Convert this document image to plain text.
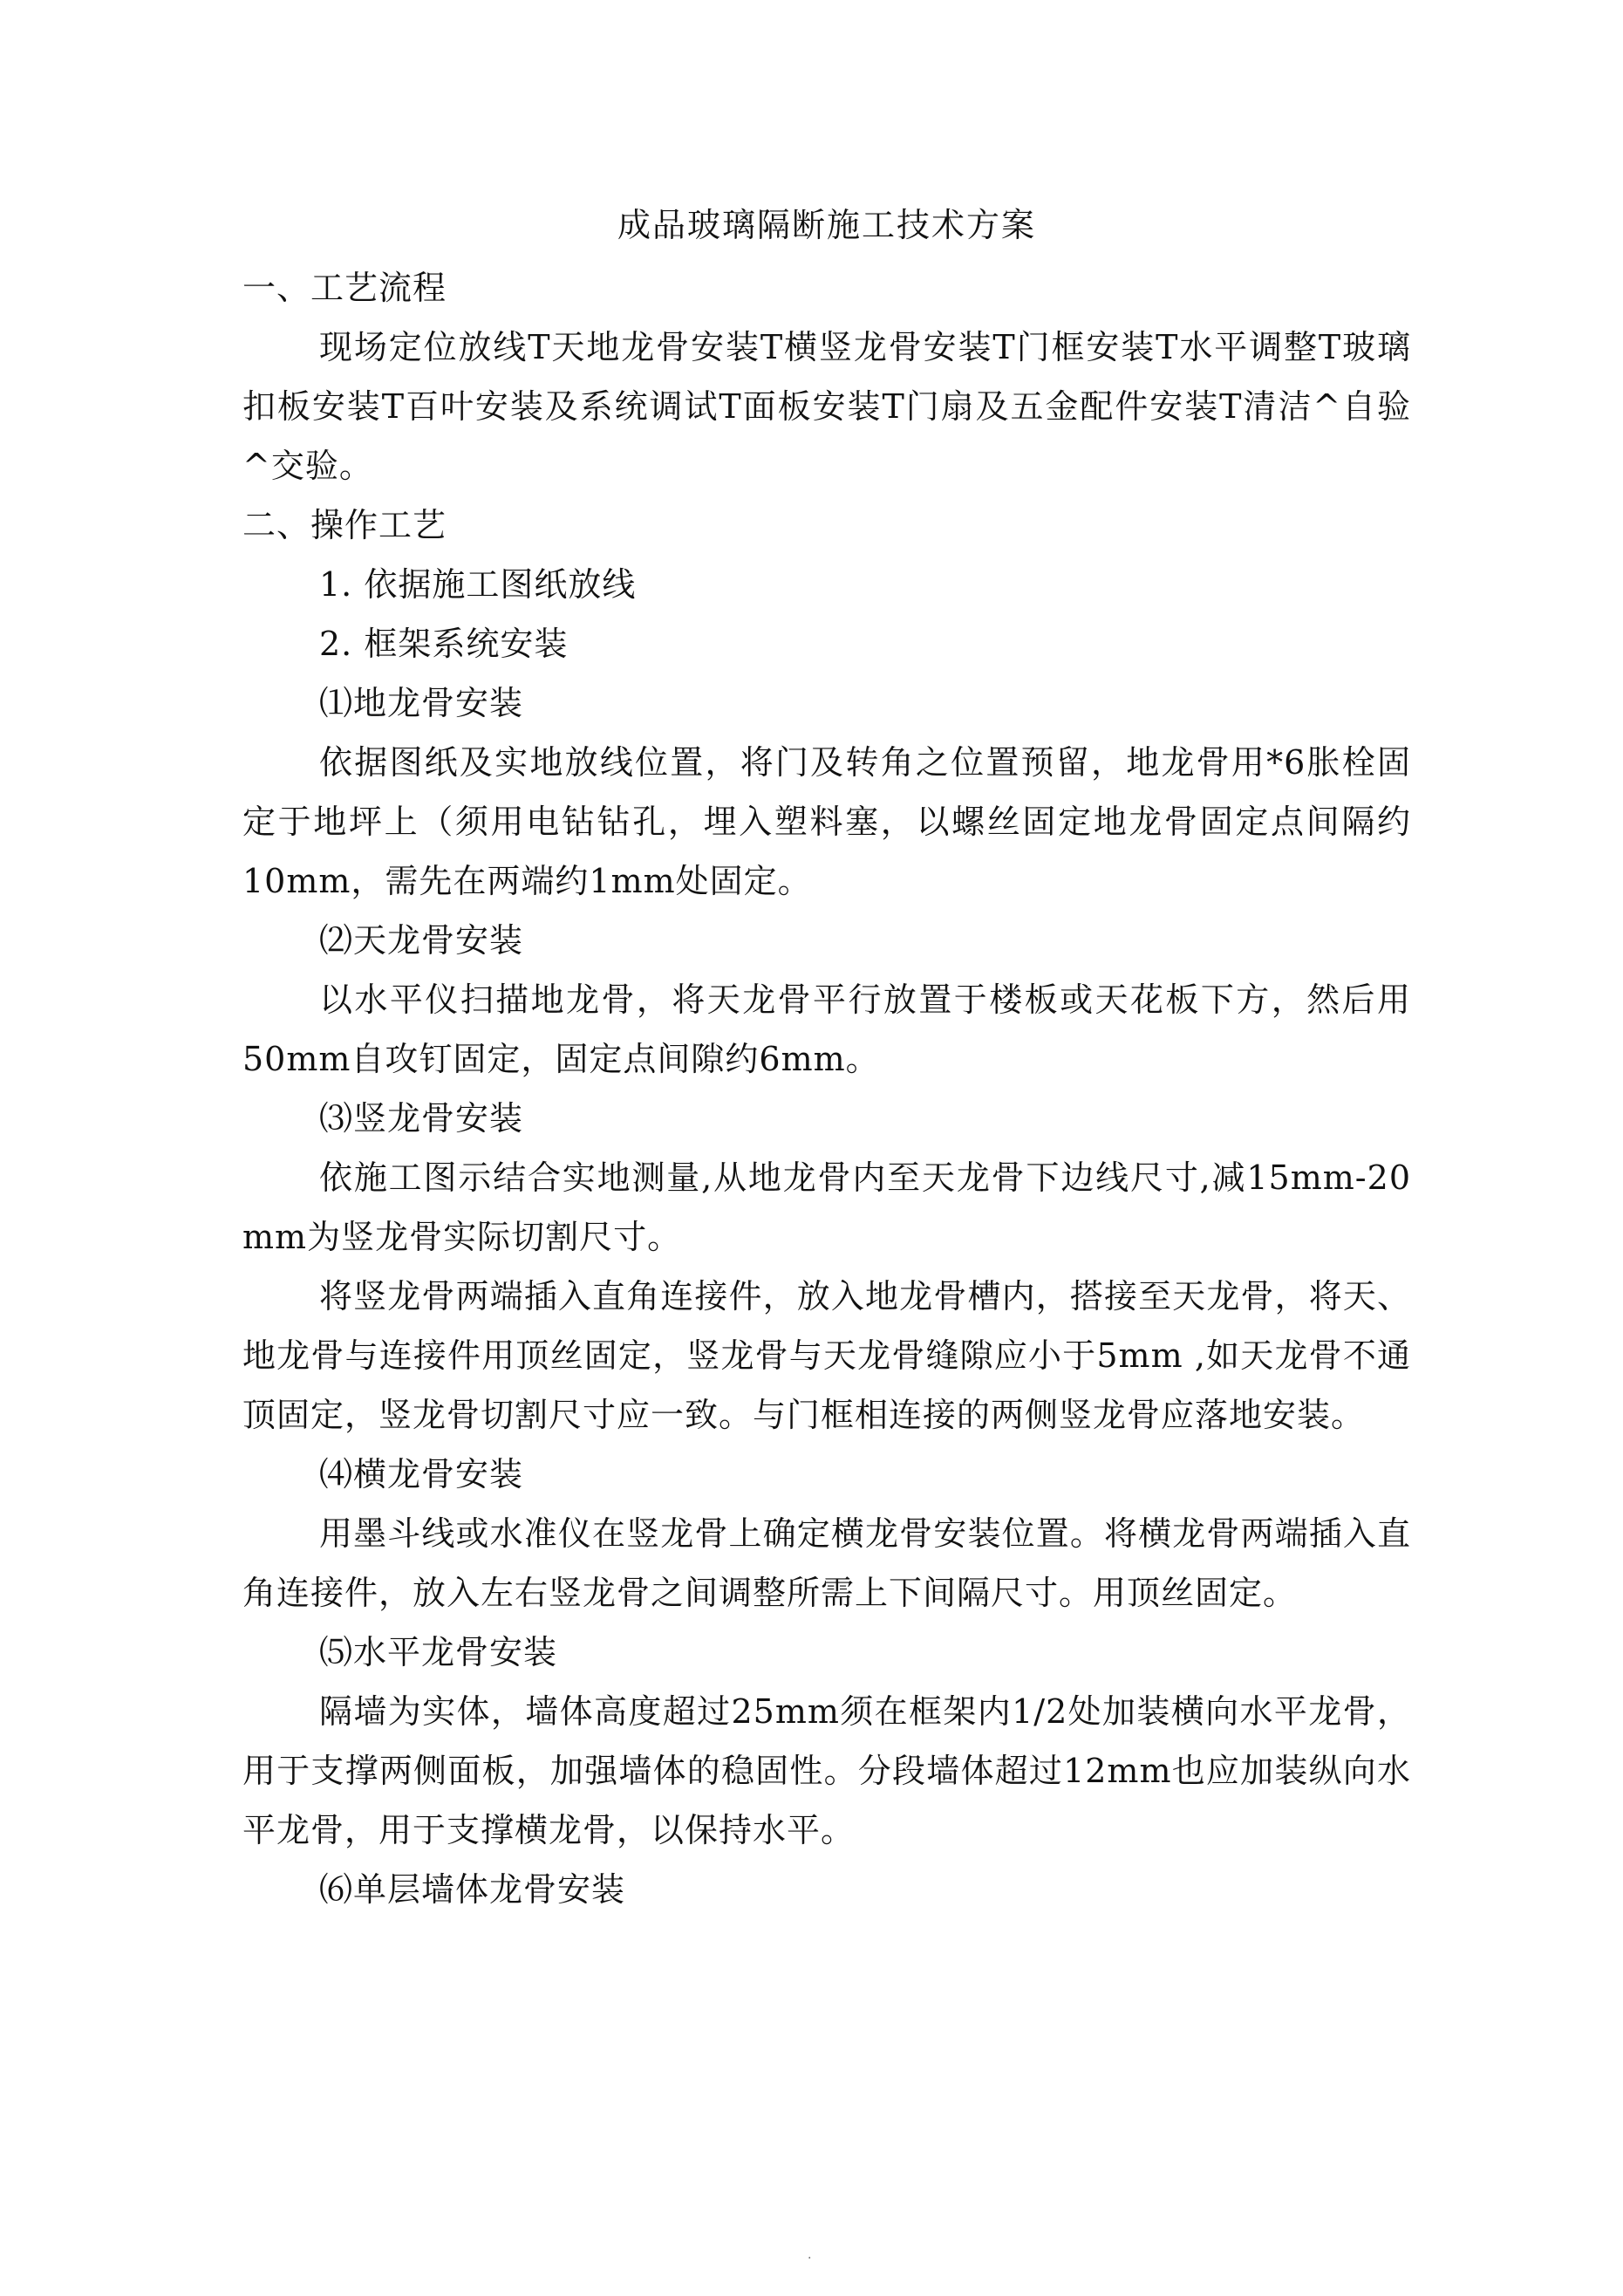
成品玻璃隔断施工技术方案

一、工艺流程

现场定位放线T天地龙骨安装T横竖龙骨安装T门框安装T水平调整T玻璃扣板安装T百叶安装及系统调试T面板安装T门扇及五金配件安装T清洁^自验^交验。

二、操作工艺

1. 依据施工图纸放线

2. 框架系统安装

⑴地龙骨安装

依据图纸及实地放线位置，将门及转角之位置预留，地龙骨用*6胀栓固定于地坪上（须用电钻钻孔，埋入塑料塞，以螺丝固定地龙骨固定点间隔约10mm，需先在两端约1mm处固定。

⑵天龙骨安装

以水平仪扫描地龙骨，将天龙骨平行放置于楼板或天花板下方，然后用50mm自攻钉固定，固定点间隙约6mm。

⑶竖龙骨安装

依施工图示结合实地测量,从地龙骨内至天龙骨下边线尺寸,减15mm-20 mm为竖龙骨实际切割尺寸。

将竖龙骨两端插入直角连接件，放入地龙骨槽内，搭接至天龙骨，将天、地龙骨与连接件用顶丝固定，竖龙骨与天龙骨缝隙应小于5mm ,如天龙骨不通顶固定，竖龙骨切割尺寸应一致。与门框相连接的两侧竖龙骨应落地安装。

⑷横龙骨安装

用墨斗线或水准仪在竖龙骨上确定横龙骨安装位置。将横龙骨两端插入直角连接件，放入左右竖龙骨之间调整所需上下间隔尺寸。用顶丝固定。

⑸水平龙骨安装

隔墙为实体，墙体高度超过25mm须在框架内1/2处加装横向水平龙骨，用于支撑两侧面板，加强墙体的稳固性。分段墙体超过12mm也应加装纵向水平龙骨，用于支撑横龙骨，以保持水平。

⑹单层墙体龙骨安装

.
